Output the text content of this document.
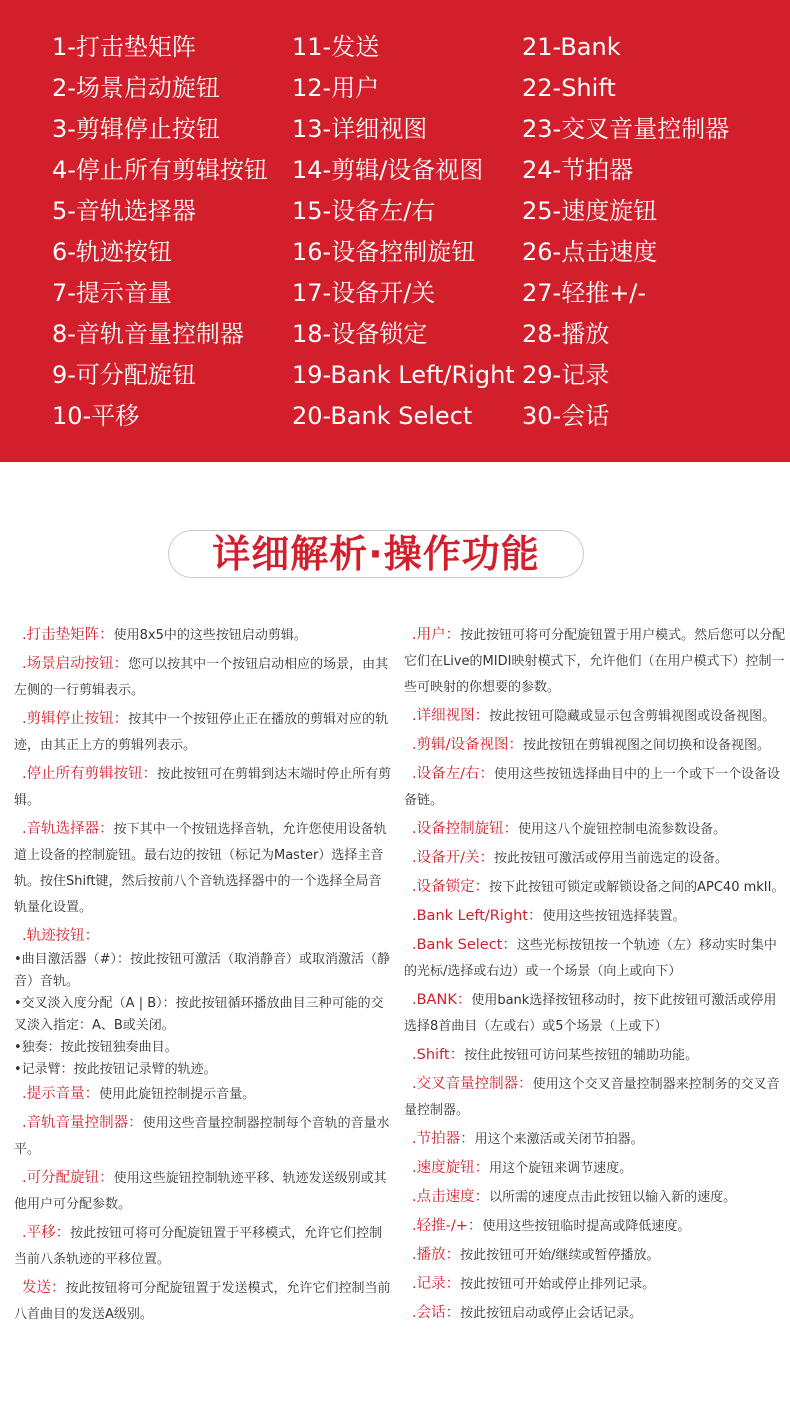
1-打击垫矩阵
2-场景启动旋钮
3-剪辑停止按钮
4-停止所有剪辑按钮
5-音轨选择器
6-轨迹按钮
7-提示音量
8-音轨音量控制器
9-可分配旋钮
10-平移
11-发送
12-用户
13-详细视图
14-剪辑/设备视图
15-设备左/右
16-设备控制旋钮
17-设备开/关
18-设备锁定
19-Bank Left/Right
20-Bank Select
21-Bank
22-Shift
23-交叉音量控制器
24-节拍器
25-速度旋钮
26-点击速度
27-轻推+/-
28-播放
29-记录
30-会话
详细解析·操作功能
.打击垫矩阵：使用8x5中的这些按钮启动剪辑。
.场景启动按钮：您可以按其中一个按钮启动相应的场景，由其左侧的一行剪辑表示。
.剪辑停止按钮：按其中一个按钮停止正在播放的剪辑对应的轨迹，由其正上方的剪辑列表示。
.停止所有剪辑按钮：按此按钮可在剪辑到达末端时停止所有剪辑。
.音轨选择器：按下其中一个按钮选择音轨，允许您使用设备轨道上设备的控制旋钮。最右边的按钮（标记为Master）选择主音轨。按住Shift键，然后按前八个音轨选择器中的一个选择全局音轨量化设置。
.轨迹按钮：
•曲目激活器（#）：按此按钮可激活（取消静音）或取消激活（静音）音轨。
•交叉淡入度分配（A | B）：按此按钮循环播放曲目三种可能的交叉淡入指定：A、B或关闭。
•独奏：按此按钮独奏曲目。
•记录臂：按此按钮记录臂的轨迹。
.提示音量：使用此旋钮控制提示音量。
.音轨音量控制器：使用这些音量控制器控制每个音轨的音量水平。
.可分配旋钮：使用这些旋钮控制轨迹平移、轨迹发送级别或其他用户可分配参数。
.平移：按此按钮可将可分配旋钮置于平移模式，允许它们控制当前八条轨迹的平移位置。
发送：按此按钮将可分配旋钮置于发送模式，允许它们控制当前八首曲目的发送A级别。
.用户：按此按钮可将可分配旋钮置于用户模式。然后您可以分配它们在Live的MIDI映射模式下，允许他们（在用户模式下）控制一些可映射的你想要的参数。
.详细视图：按此按钮可隐藏或显示包含剪辑视图或设备视图。
.剪辑/设备视图：按此按钮在剪辑视图之间切换和设备视图。
.设备左/右：使用这些按钮选择曲目中的上一个或下一个设备设备链。
.设备控制旋钮：使用这八个旋钮控制电流参数设备。
.设备开/关：按此按钮可激活或停用当前选定的设备。
.设备锁定：按下此按钮可锁定或解锁设备之间的APC40 mkII。
.Bank Left/Right：使用这些按钮选择装置。
.Bank Select：这些光标按钮按一个轨迹（左）移动实时集中的光标/选择或右边）或一个场景（向上或向下）
.BANK：使用bank选择按钮移动时，按下此按钮可激活或停用选择8首曲目（左或右）或5个场景（上或下）
.Shift：按住此按钮可访问某些按钮的辅助功能。
.交叉音量控制器：使用这个交叉音量控制器来控制务的交叉音量控制器。
.节拍器：用这个来激活或关闭节拍器。
.速度旋钮：用这个旋钮来调节速度。
.点击速度：以所需的速度点击此按钮以输入新的速度。
.轻推-/+：使用这些按钮临时提高或降低速度。
.播放：按此按钮可开始/继续或暂停播放。
.记录：按此按钮可开始或停止排列记录。
.会话：按此按钮启动或停止会话记录。
